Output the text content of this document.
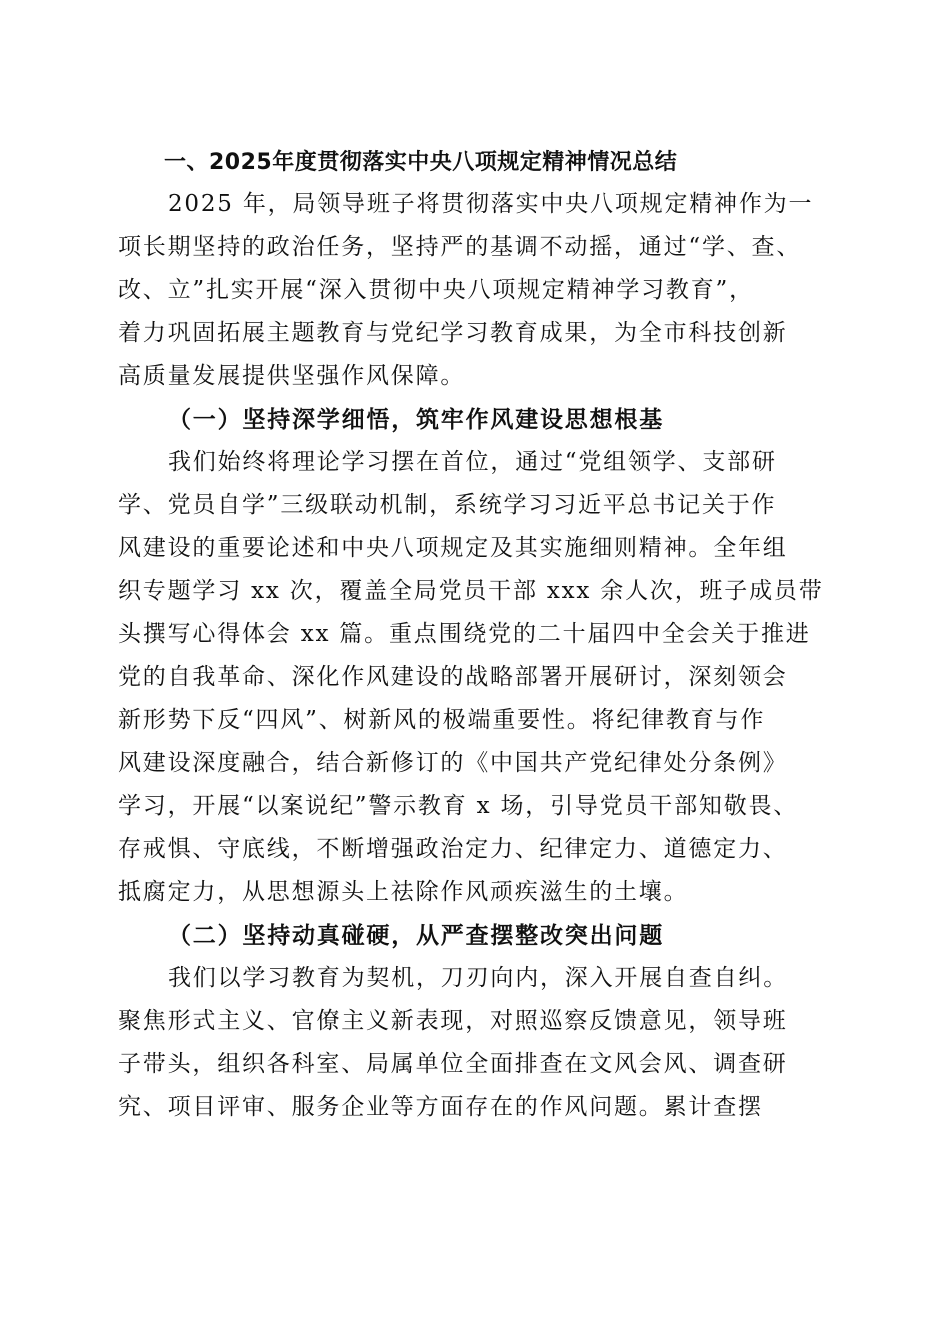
一、2025年度贯彻落实中央八项规定精神情况总结
2025 年，局领导班子将贯彻落实中央八项规定精神作为一
项长期坚持的政治任务，坚持严的基调不动摇，通过“学、查、
改、立”扎实开展“深入贯彻中央八项规定精神学习教育”，
着力巩固拓展主题教育与党纪学习教育成果，为全市科技创新
高质量发展提供坚强作风保障。
（一）坚持深学细悟，筑牢作风建设思想根基
我们始终将理论学习摆在首位，通过“党组领学、支部研
学、党员自学”三级联动机制，系统学习习近平总书记关于作
风建设的重要论述和中央八项规定及其实施细则精神。全年组
织专题学习 xx 次，覆盖全局党员干部 xxx 余人次，班子成员带
头撰写心得体会 xx 篇。重点围绕党的二十届四中全会关于推进
党的自我革命、深化作风建设的战略部署开展研讨，深刻领会
新形势下反“四风”、树新风的极端重要性。将纪律教育与作
风建设深度融合，结合新修订的《中国共产党纪律处分条例》
学习，开展“以案说纪”警示教育 x 场，引导党员干部知敬畏、
存戒惧、守底线，不断增强政治定力、纪律定力、道德定力、
抵腐定力，从思想源头上祛除作风顽疾滋生的土壤。
（二）坚持动真碰硬，从严查摆整改突出问题
我们以学习教育为契机，刀刃向内，深入开展自查自纠。
聚焦形式主义、官僚主义新表现，对照巡察反馈意见，领导班
子带头，组织各科室、局属单位全面排查在文风会风、调查研
究、项目评审、服务企业等方面存在的作风问题。累计查摆
